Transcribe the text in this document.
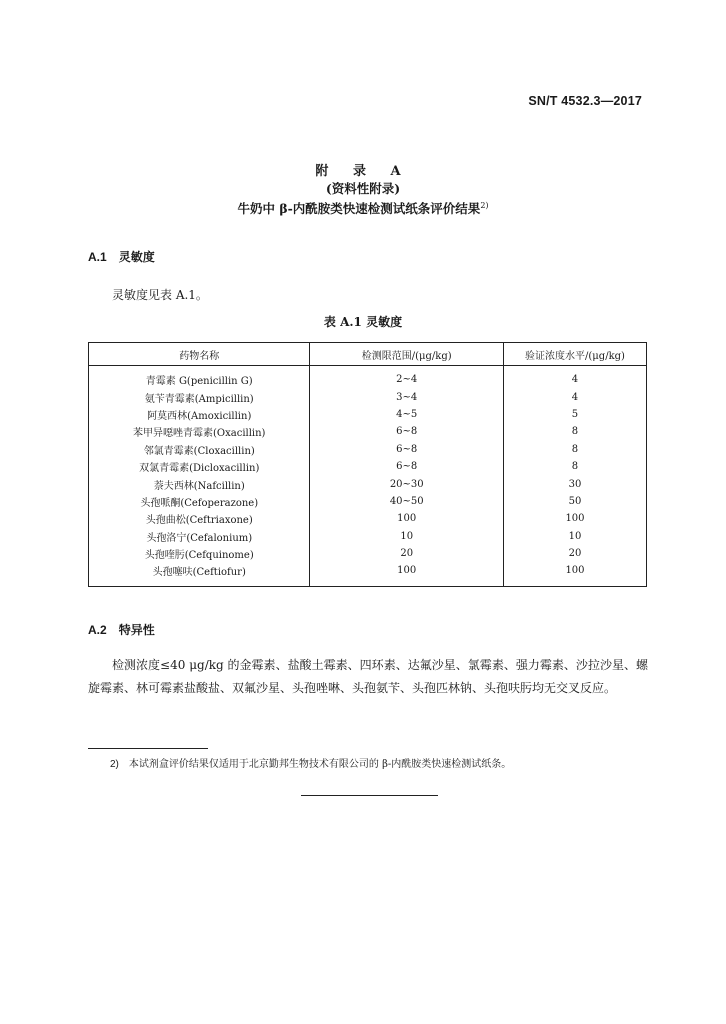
SN/T 4532.3—2017
附 录 A
(资料性附录)
牛奶中 β-内酰胺类快速检测试纸条评价结果$^{2)}$
A.1 灵敏度
灵敏度见表 A.1。
表 A.1 灵敏度
药物名称	检测限范围/(μg/kg)	验证浓度水平/(μg/kg)
青霉素 G(penicillin G)	2~4	4
氨苄青霉素(Ampicillin)	3~4	4
阿莫西林(Amoxicillin)	4~5	5
苯甲异噁唑青霉素(Oxacillin)	6~8	8
邻氯青霉素(Cloxacillin)	6~8	8
双氯青霉素(Dicloxacillin)	6~8	8
萘夫西林(Nafcillin)	20~30	30
头孢哌酮(Cefoperazone)	40~50	50
头孢曲松(Ceftriaxone)	100	100
头孢洛宁(Cefalonium)	10	10
头孢喹肟(Cefquinome)	20	20
头孢噻呋(Ceftiofur)	100	100
A.2 特异性
检测浓度≤40 μg/kg 的金霉素、盐酸土霉素、四环素、达氟沙星、氯霉素、强力霉素、沙拉沙星、螺旋霉素、林可霉素盐酸盐、双氟沙星、头孢唑啉、头孢氨苄、头孢匹林钠、头孢呋肟均无交叉反应。
2) 本试剂盒评价结果仅适用于北京勤邦生物技术有限公司的 β-内酰胺类快速检测试纸条。
